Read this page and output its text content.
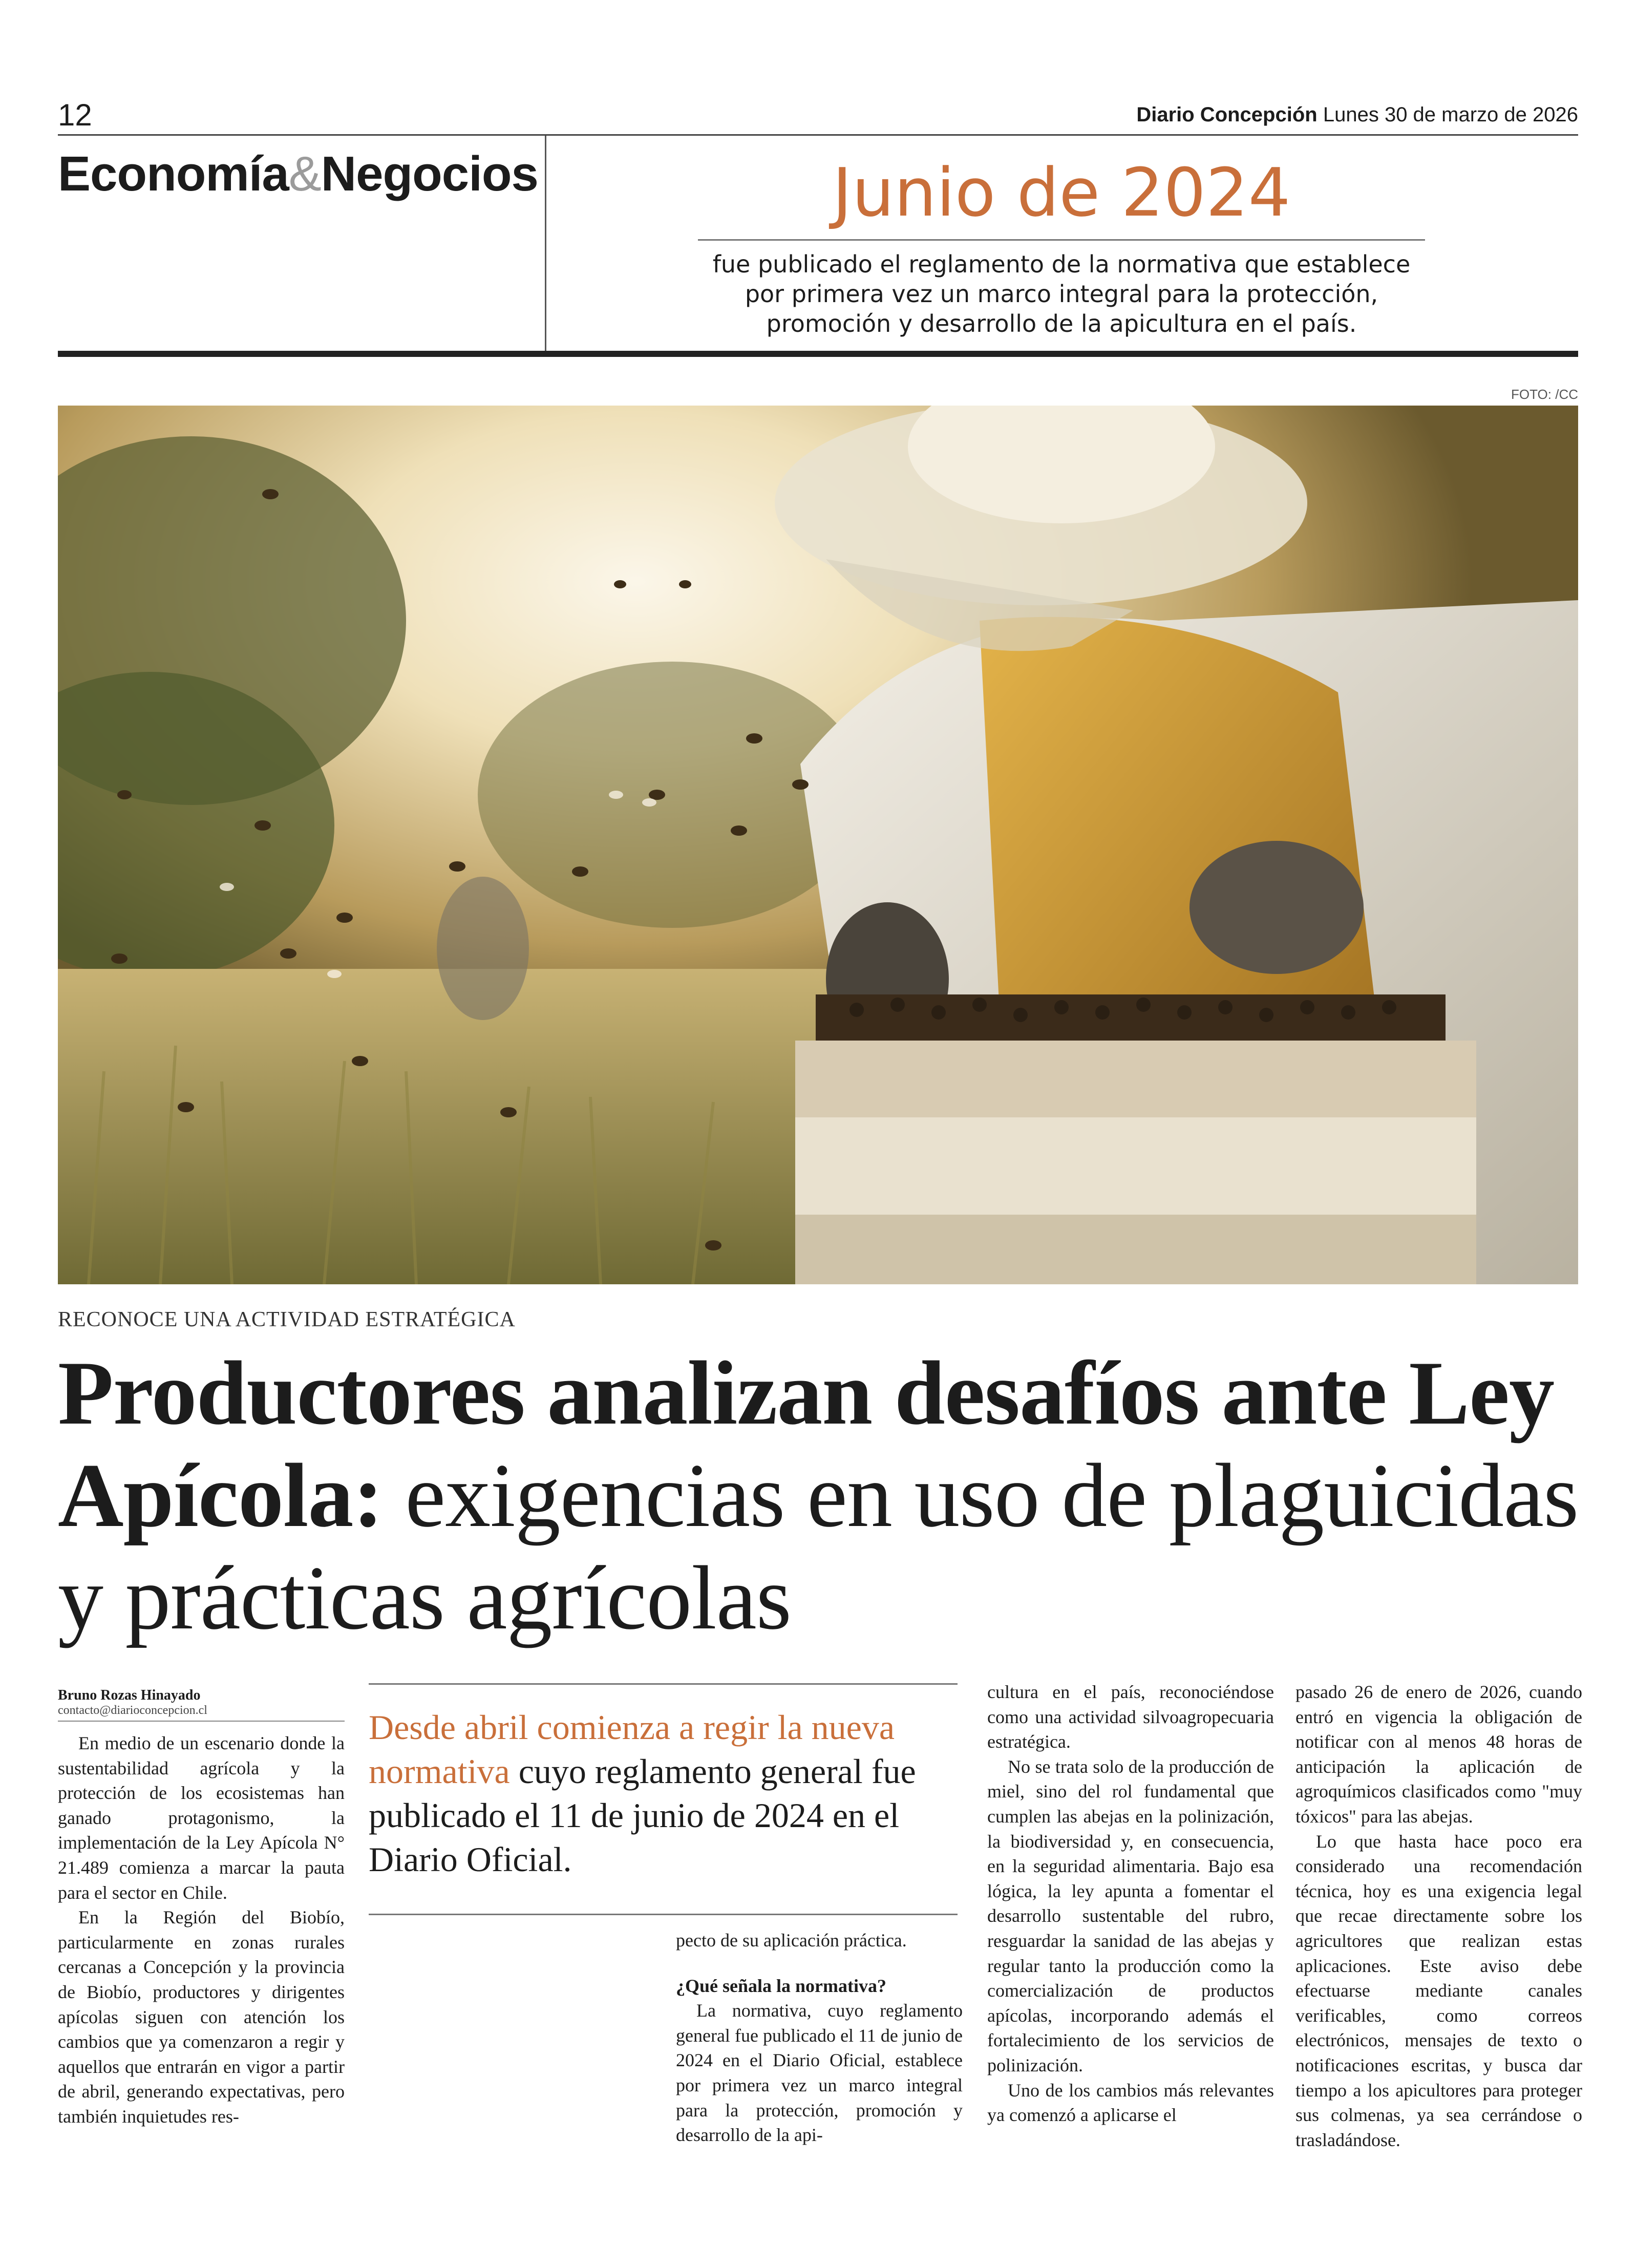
12	Diario Concepción Lunes 30 de marzo de 2026
Economía&Negocios	Junio de 2024
fue publicado el reglamento de la normativa que establece por primera vez un marco integral para la protección, promoción y desarrollo de la apicultura en el país.
FOTO: /CC
RECONOCE UNA ACTIVIDAD ESTRATÉGICA
Productores analizan desafíos ante Ley Apícola: exigencias en uso de plaguicidas y prácticas agrícolas
Bruno Rozas Hinayado
contacto@diarioconcepcion.cl

En medio de un escenario donde la sustentabilidad agrícola y la protección de los ecosistemas han ganado protagonismo, la implementación de la Ley Apícola N° 21.489 comienza a marcar la pauta para el sector en Chile.

En la Región del Biobío, particularmente en zonas rurales cercanas a Concepción y la provincia de Biobío, productores y dirigentes apícolas siguen con atención los cambios que ya comenzaron a regir y aquellos que entrarán en vigor a partir de abril, generando expectativas, pero también inquietudes res-

Desde abril comienza a regir la nueva normativa cuyo reglamento general fue publicado el 11 de junio de 2024 en el Diario Oficial.

pecto de su aplicación práctica.

¿Qué señala la normativa?

La normativa, cuyo reglamento general fue publicado el 11 de junio de 2024 en el Diario Oficial, establece por primera vez un marco integral para la protección, promoción y desarrollo de la api-

cultura en el país, reconociéndose como una actividad silvoagropecuaria estratégica.

No se trata solo de la producción de miel, sino del rol fundamental que cumplen las abejas en la polinización, la biodiversidad y, en consecuencia, en la seguridad alimentaria. Bajo esa lógica, la ley apunta a fomentar el desarrollo sustentable del rubro, resguardar la sanidad de las abejas y regular tanto la producción como la comercialización de productos apícolas, incorporando además el fortalecimiento de los servicios de polinización.

Uno de los cambios más relevantes ya comenzó a aplicarse el

pasado 26 de enero de 2026, cuando entró en vigencia la obligación de notificar con al menos 48 horas de anticipación la aplicación de agroquímicos clasificados como "muy tóxicos" para las abejas.

Lo que hasta hace poco era considerado una recomendación técnica, hoy es una exigencia legal que recae directamente sobre los agricultores que realizan estas aplicaciones. Este aviso debe efectuarse mediante canales verificables, como correos electrónicos, mensajes de texto o notificaciones escritas, y busca dar tiempo a los apicultores para proteger sus colmenas, ya sea cerrándose o trasladándose.
